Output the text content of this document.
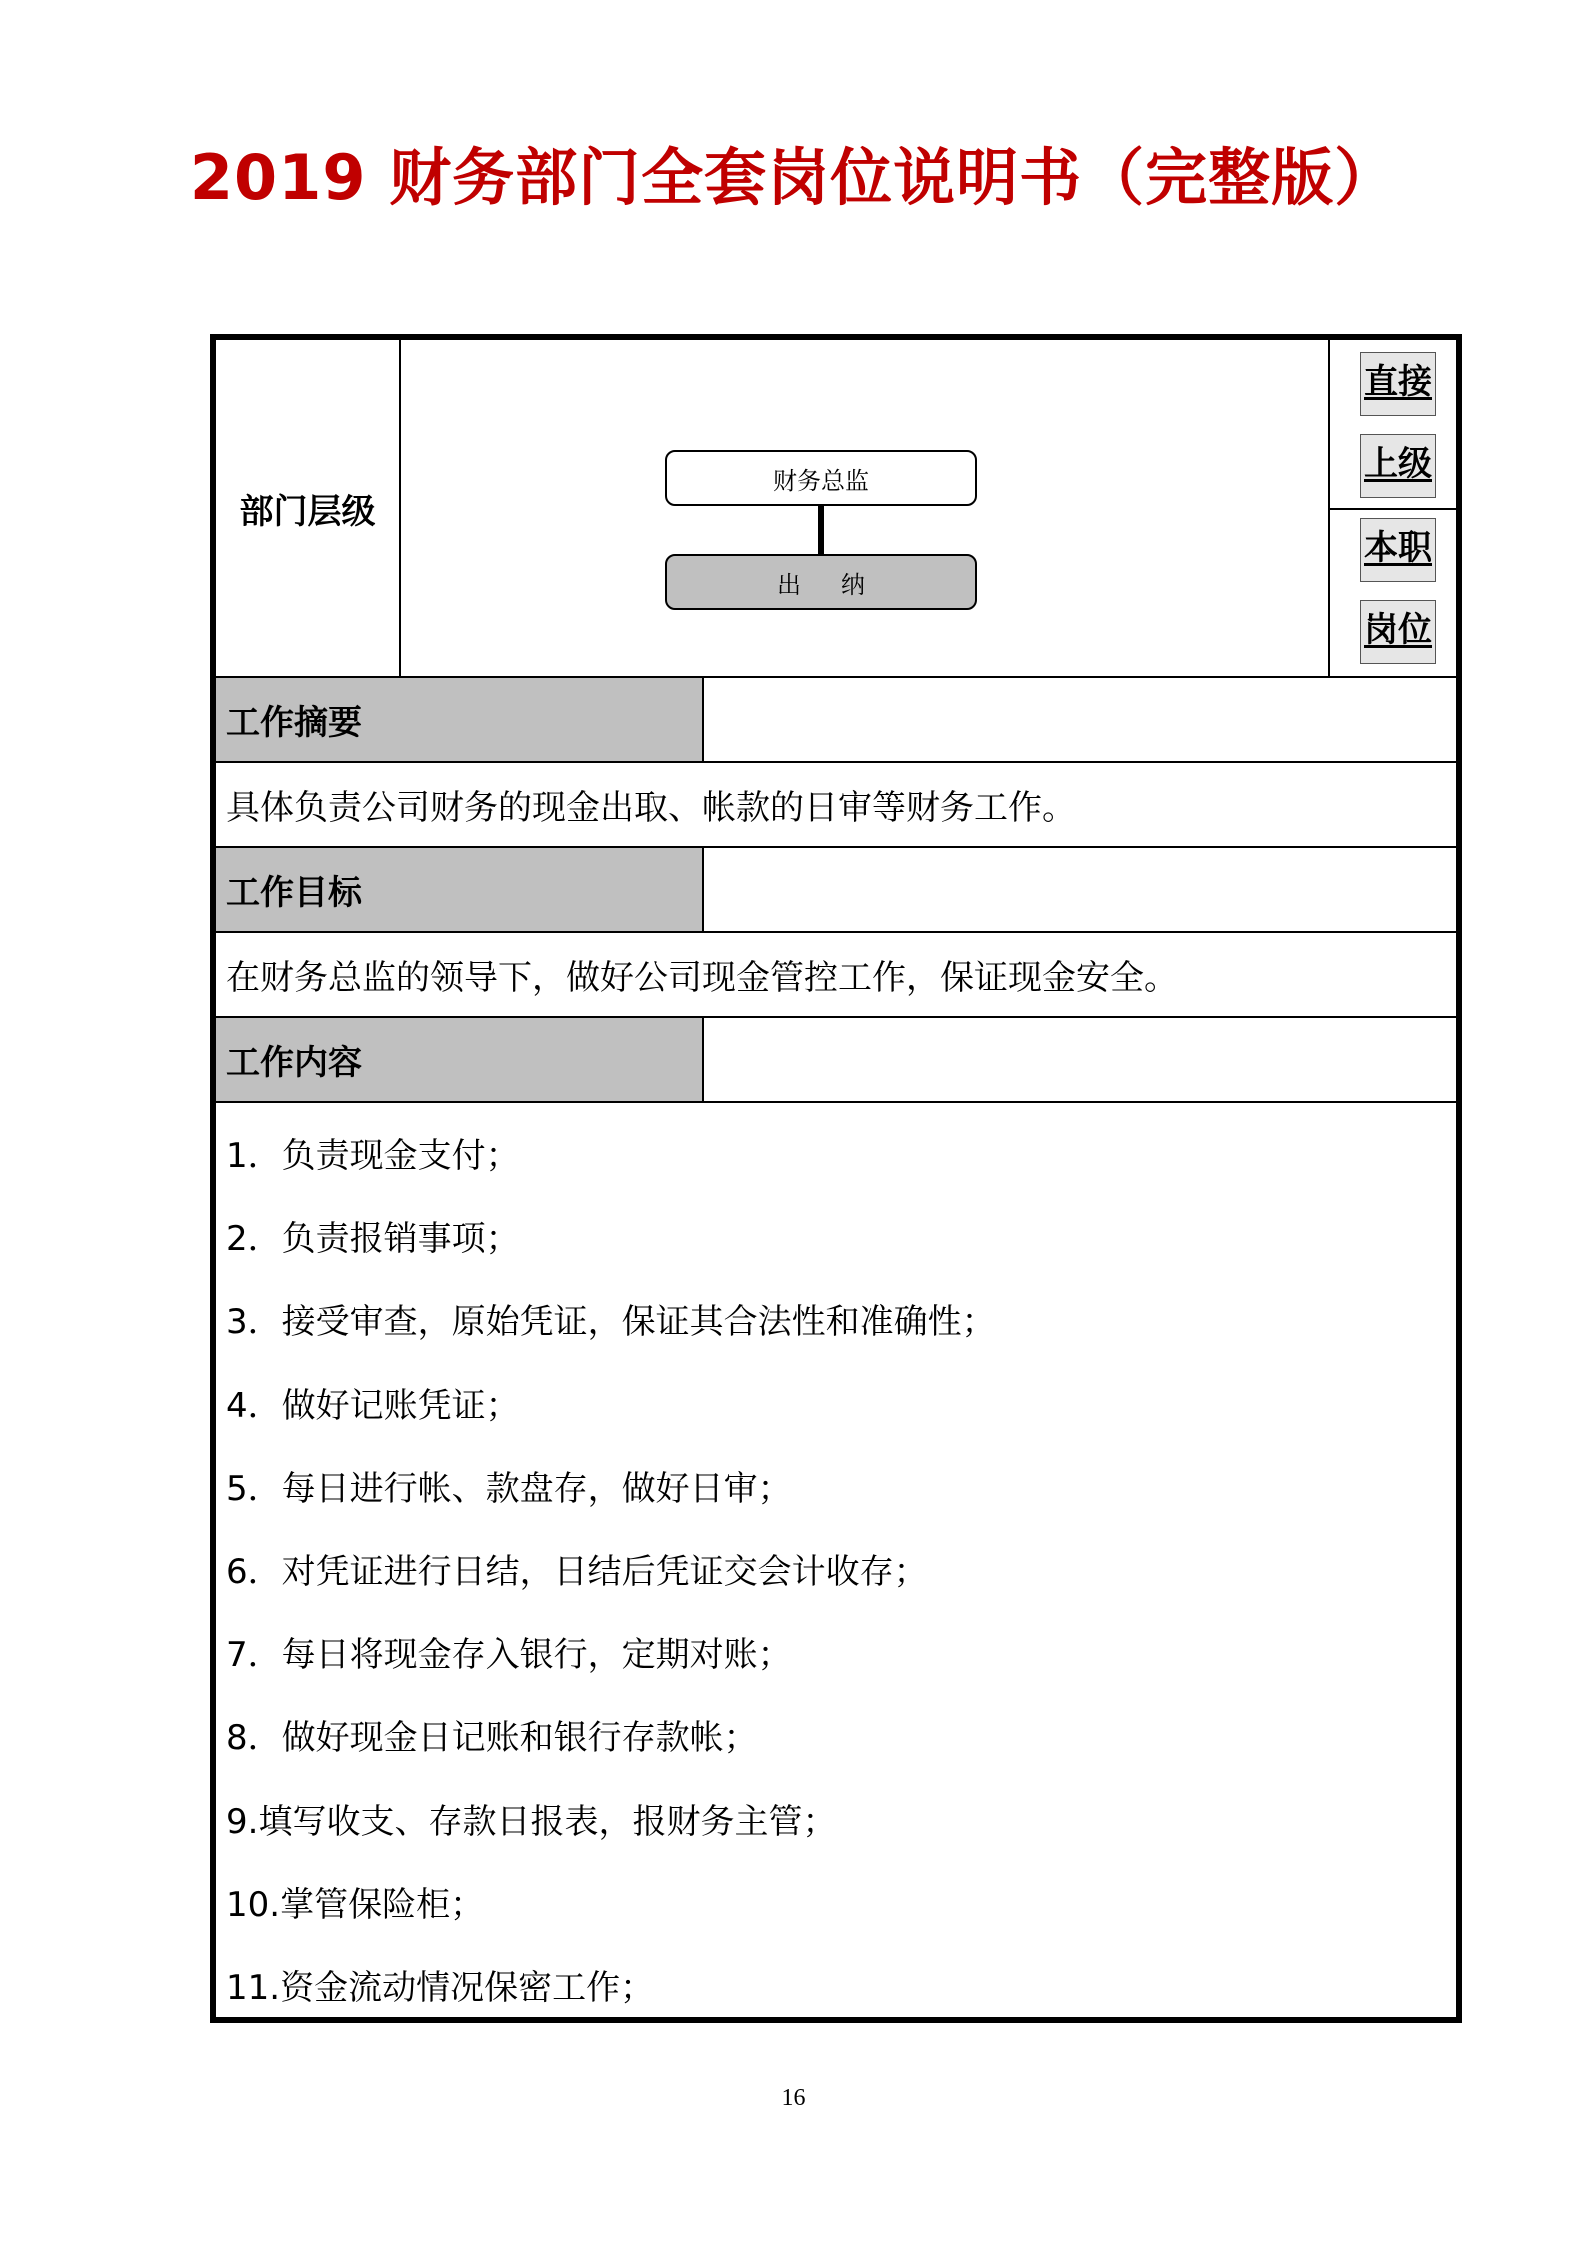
2019 财务部门全套岗位说明书（完整版）
部门层级
财务总监
出纳
直接
上级
本职
岗位
工作摘要
具体负责公司财务的现金出取、帐款的日审等财务工作。
工作目标
在财务总监的领导下，做好公司现金管控工作，保证现金安全。
工作内容
1．负责现金支付；
2．负责报销事项；
3．接受审查，原始凭证，保证其合法性和准确性；
4．做好记账凭证；
5．每日进行帐、款盘存，做好日审；
6．对凭证进行日结，日结后凭证交会计收存；
7．每日将现金存入银行，定期对账；
8．做好现金日记账和银行存款帐；
9.填写收支、存款日报表，报财务主管；
10.掌管保险柜；
11.资金流动情况保密工作；
16
